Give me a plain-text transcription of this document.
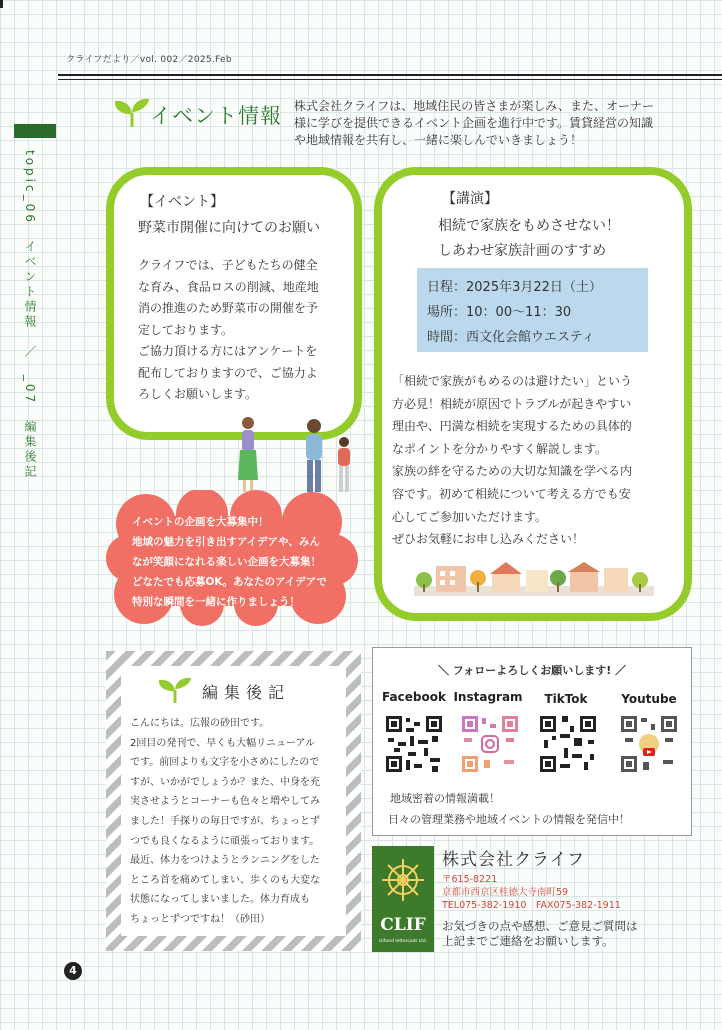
クライフだより／vol. 002／2025.Feb
topic_06　イベント情報　／　_07　編集後記
イベント情報 株式会社クライフは、地域住民の皆さまが楽しみ、また、オーナー
様に学びを提供できるイベント企画を進行中です。賃貸経営の知識
や地域情報を共有し、一緒に楽しんでいきましょう！
【イベント】
野菜市開催に向けてのお願い
クライフでは、子どもたちの健全
な育み、食品ロスの削減、地産地
消の推進のため野菜市の開催を予
定しております。
ご協力頂ける方にはアンケートを
配布しておりますので、ご協力よ
ろしくお願いします。
イベントの企画を大募集中！
地域の魅力を引き出すアイデアや、みん
なが笑顔になれる楽しい企画を大募集！
どなたでも応募OK。あなたのアイデアで
特別な瞬間を一緒に作りましょう！
【講演】
相続で家族をもめさせない！
しあわせ家族計画のすすめ
日程：2025年3月22日（土）
場所：10：00〜11：30
時間：西文化会館ウエスティ
「相続で家族がもめるのは避けたい」という
方必見！相続が原因でトラブルが起きやすい
理由や、円満な相続を実現するための具体的
なポイントを分かりやすく解説します。
家族の絆を守るための大切な知識を学べる内
容です。初めて相続について考える方でも安
心してご参加いただけます。
ぜひお気軽にお申し込みください！
編集後記
こんにちは。広報の砂田です。
2回目の発刊で、早くも大幅リニューアル
です。前回よりも文字を小さめにしたので
すが、いかがでしょうか？また、中身を充
実させようとコーナーも色々と増やしてみ
ました！手探りの毎日ですが、ちょっとず
つでも良くなるように頑張っております。
最近、体力をつけようとランニングをした
ところ首を痛めてしまい、歩くのも大変な
状態になってしまいました。体力育成も
ちょっとずつですね！（砂田）
＼ フォローよろしくお願いします! ／
Facebook Instagram	TikTok	Youtube
地域密着の情報満載！
日々の管理業務や地域イベントの情報を発信中！
CLIF
clifund lettercoat Ltd.
株式会社クライフ
〒615-8221
京都市西京区桂徳大寺南町59
TEL075-382-1910　FAX075-382-1911
お気づきの点や感想、ご意見ご質問は
上記までご連絡をお願いします。
4
